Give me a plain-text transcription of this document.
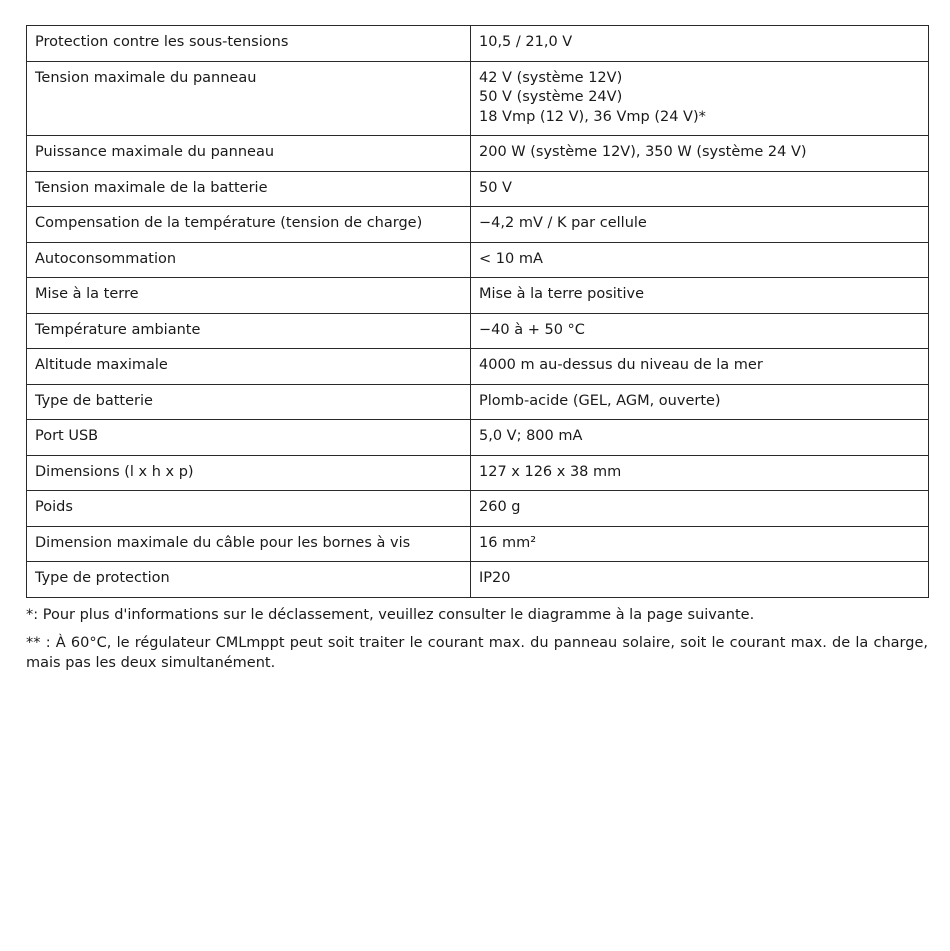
Protection contre les sous-tensions	10,5 / 21,0 V

Tension maximale du panneau	42 V (système 12V)
50 V (système 24V)
18 Vmp (12 V), 36 Vmp (24 V)*

Puissance maximale du panneau	200 W (système 12V), 350 W (système 24 V)

Tension maximale de la batterie	50 V

Compensation de la température (tension de charge)	−4,2 mV / K par cellule

Autoconsommation	< 10 mA

Mise à la terre	Mise à la terre positive

Température ambiante	−40 à + 50 °C

Altitude maximale	4000 m au-dessus du niveau de la mer

Type de batterie	Plomb-acide (GEL, AGM, ouverte)

Port USB	5,0 V; 800 mA

Dimensions (l x h x p)	127 x 126 x 38 mm

Poids	260 g

Dimension maximale du câble pour les bornes à vis	16 mm²

Type de protection	IP20

*: Pour plus d'informations sur le déclassement, veuillez consulter le diagramme à la page suivante.

** : À 60°C, le régulateur CMLmppt peut soit traiter le courant max. du panneau solaire, soit le courant max. de la charge, mais pas les deux simultanément.
